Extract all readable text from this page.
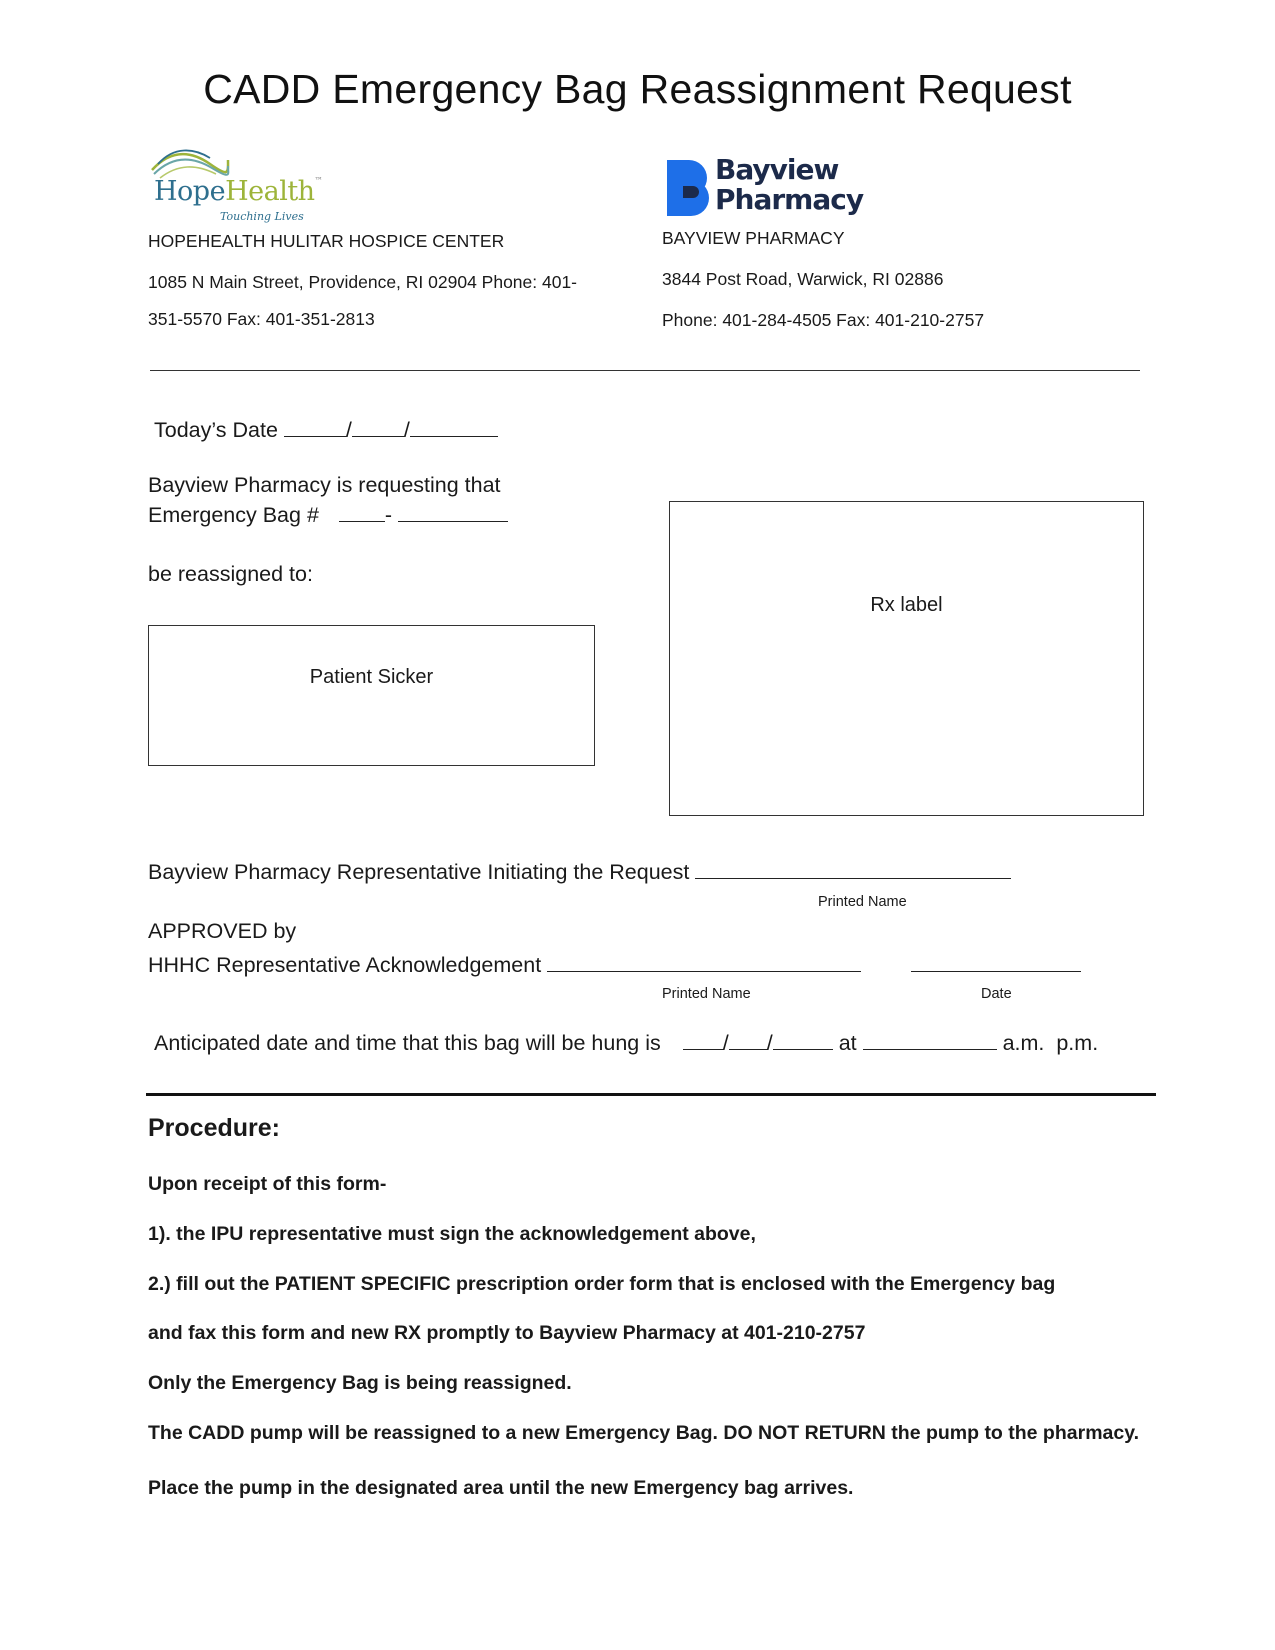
CADD Emergency Bag Reassignment Request
HopeHealth™
Touching Lives
HOPEHEALTH HULITAR HOSPICE CENTER
1085 N Main Street, Providence, RI 02904 Phone: 401-
351-5570 Fax: 401-351-2813
Bayview
Pharmacy
BAYVIEW PHARMACY
3844 Post Road, Warwick, RI 02886
Phone: 401-284-4505 Fax: 401-210-2757
Today’s Date	/ /
Bayview Pharmacy is requesting that
Emergency Bag #	-
be reassigned to:
Patient Sicker
Rx label
Bayview Pharmacy Representative Initiating the Request
Printed Name
APPROVED by
HHHC Representative Acknowledgement
Printed Name	Date
Anticipated date and time that this bag will be hung is	/ /	at	a.m.  p.m.
Procedure:
Upon receipt of this form-
1). the IPU representative must sign the acknowledgement above,
2.) fill out the PATIENT SPECIFIC prescription order form that is enclosed with the Emergency bag
and fax this form and new RX promptly to Bayview Pharmacy at 401-210-2757
Only the Emergency Bag is being reassigned.
The CADD pump will be reassigned to a new Emergency Bag. DO NOT RETURN the pump to the pharmacy.
Place the pump in the designated area until the new Emergency bag arrives.
